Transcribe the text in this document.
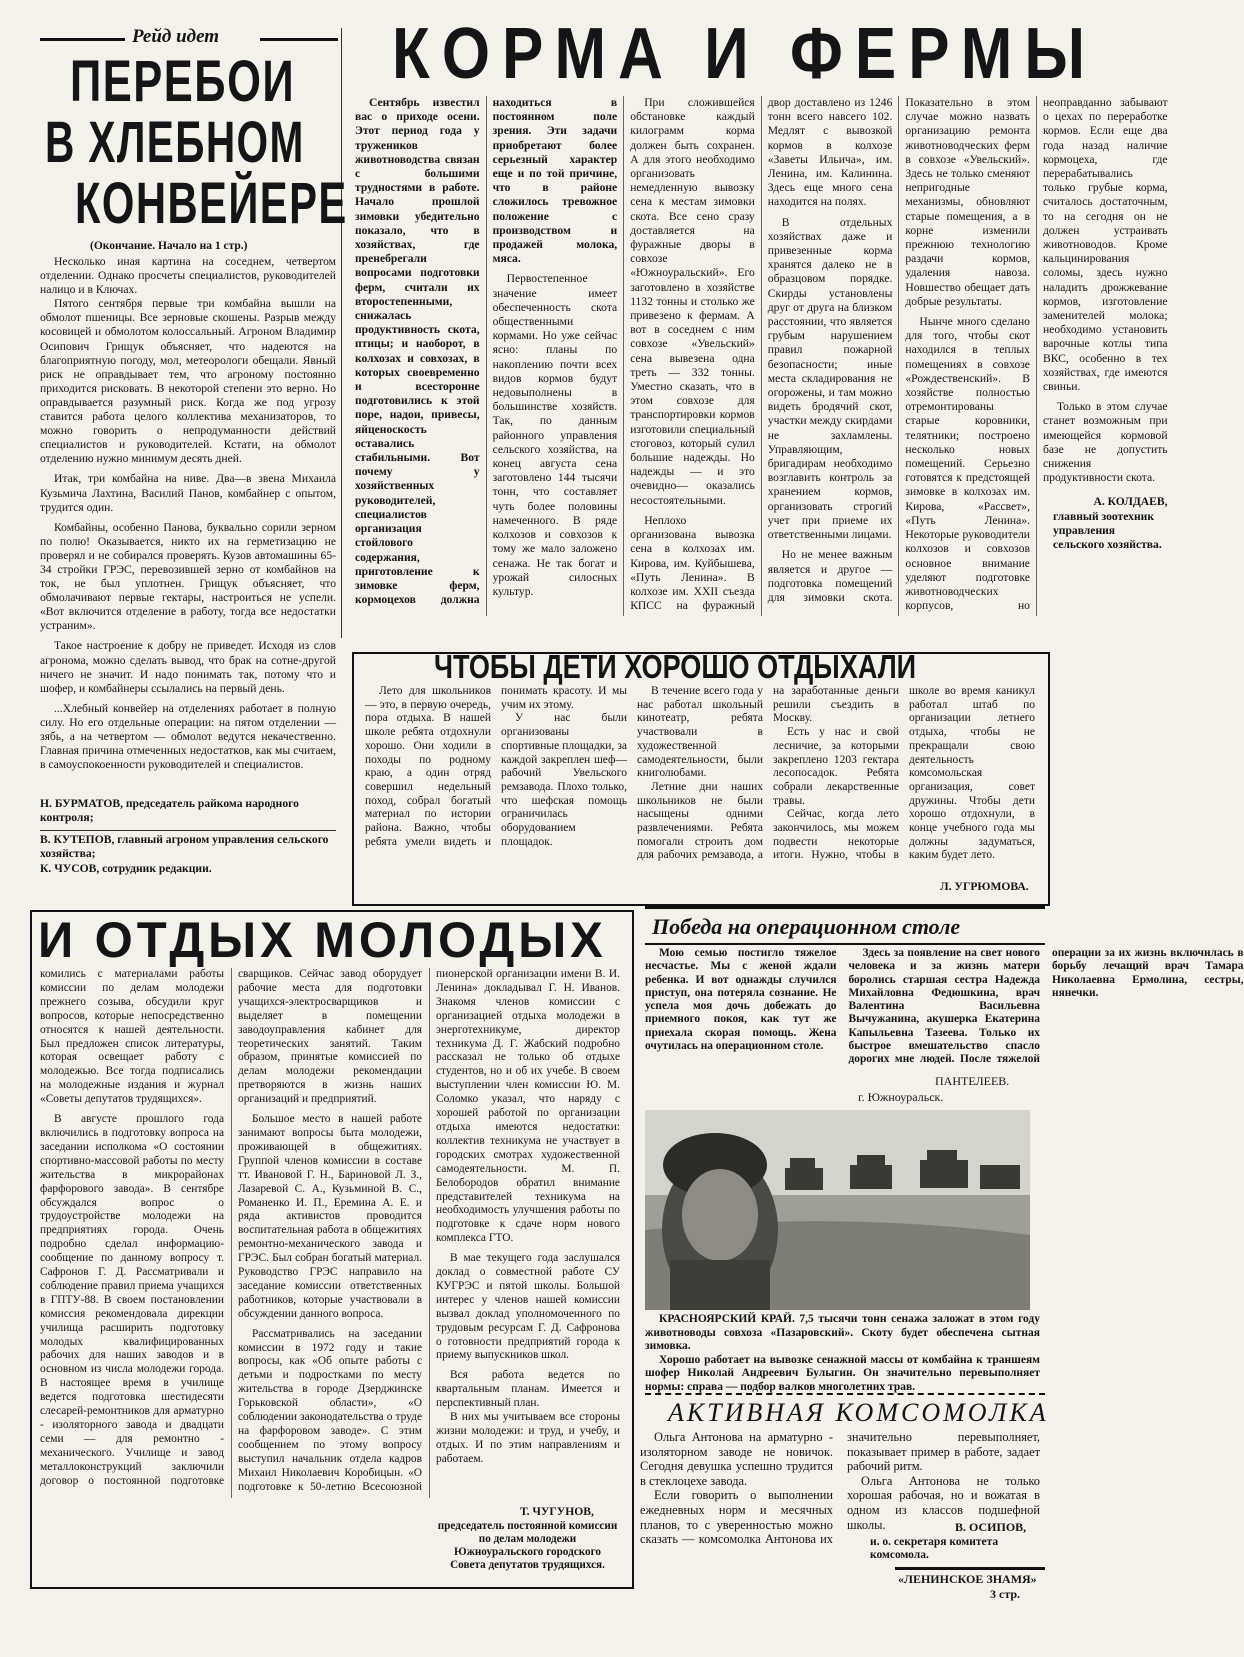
Рейд идет
ПЕРЕБОИ
В ХЛЕБНОМ
КОНВЕЙЕРЕ
(Окончание. Начало на 1 стр.)

Несколько иная картина на соседнем, четвертом отделении. Однако просчеты специалистов, руководителей налицо и в Ключах.

Пятого сентября первые три комбайна вышли на обмолот пшеницы. Все зерновые скошены. Разрыв между косовицей и обмолотом колоссальный. Агроном Владимир Осипович Грищук объясняет, что надеются на благоприятную погоду, мол, метеорологи обещали. Явный риск не оправдывает тем, что агроному постоянно приходится рисковать. В некоторой степени это верно. Но оправдывается разумный риск. Когда же под угрозу ставится работа целого коллектива механизаторов, то можно говорить о непродуманности действий специалистов и руководителей. Кстати, на обмолот отделению нужно минимум десять дней.

Итак, три комбайна на ниве. Два—в звена Михаила Кузьмича Лахтина, Василий Панов, комбайнер с опытом, трудится один.

Комбайны, особенно Панова, буквально сорили зерном по полю! Оказывается, никто их на герметизацию не проверял и не собирался проверять. Кузов автомашины 65-34 стройки ГРЭС, перевозившей зерно от комбайнов на ток, не был уплотнен. Грищук объясняет, что обмолачивают первые гектары, настроиться не успели. «Вот включится отделение в работу, тогда все недостатки устраним».

Такое настроение к добру не приведет. Исходя из слов агронома, можно сделать вывод, что брак на сотне-другой ничего не значит. И надо понимать так, потому что и шофер, и комбайнеры ссылались на первый день.

...Хлебный конвейер на отделениях работает в полную силу. Но его отдельные операции: на пятом отделении — зябь, а на четвертом — обмолот ведутся некачественно. Главная причина отмеченных недостатков, как мы считаем, в самоуспокоенности руководителей и специалистов.

Н. БУРМАТОВ, председатель райкома народного контроля;
В. КУТЕПОВ, главный агроном управления сельского хозяйства;
К. ЧУСОВ, сотрудник редакции.
КОРМА И ФЕРМЫ

Сентябрь известил вас о приходе осени. Этот период года у тружеников животноводства связан с большими трудностями в работе. Начало прошлой зимовки убедительно показало, что в хозяйствах, где пренебрегали вопросами подготовки ферм, считали их второстепенными, снижалась продуктивность скота, птицы; и наоборот, в колхозах и совхозах, в которых своевременно и всесторонне подготовились к этой поре, надои, привесы, яйценоскость оставались стабильными. Вот почему у хозяйственных руководителей, специалистов организация стойлового содержания, приготовление к зимовке ферм, кормоцехов должна находиться в постоянном поле зрения. Эти задачи приобретают более серьезный характер еще и по той причине, что в районе сложилось тревожное положение с производством и продажей молока, мяса.

Первостепенное значение имеет обеспеченность скота общественными кормами. Но уже сейчас ясно: планы по накоплению почти всех видов кормов будут недовыполнены в большинстве хозяйств. Так, по данным районного управления сельского хозяйства, на конец августа сена заготовлено 144 тысячи тонн, что составляет чуть более половины намеченного. В ряде колхозов и совхозов к тому же мало заложено сенажа. Не так богат и урожай силосных культур.

При сложившейся обстановке каждый килограмм корма должен быть сохранен. А для этого необходимо организовать немедленную вывозку сена к местам зимовки скота. Все сено сразу доставляется на фуражные дворы в совхозе «Южноуральский». Его заготовлено в хозяйстве 1132 тонны и столько же привезено к фермам. А вот в соседнем с ним совхозе «Увельский» сена вывезена одна треть — 332 тонны. Уместно сказать, что в этом совхозе для транспортировки кормов изготовили специальный стоговоз, который сулил большие надежды. Но надежды — и это очевидно— оказались несостоятельными.

Неплохо организована вывозка сена в колхозах им. Кирова, им. Куйбышева, «Путь Ленина». В колхозе им. XXII съезда КПСС на фуражный двор доставлено из 1246 тонн всего навсего 102. Медлят с вывозкой кормов в колхозе «Заветы Ильича», им. Ленина, им. Калинина. Здесь еще много сена находится на полях.

В отдельных хозяйствах даже и привезенные корма хранятся далеко не в образцовом порядке. Скирды установлены друг от друга на близком расстоянии, что является грубым нарушением правил пожарной безопасности; иные места складирования не огорожены, и там можно видеть бродячий скот, участки между скирдами не захламлены. Управляющим, бригадирам необходимо возглавить контроль за хранением кормов, организовать строгий учет при приеме их ответственными лицами.

Но не менее важным является и другое — подготовка помещений для зимовки скота. Показательно в этом случае можно назвать организацию ремонта животноводческих ферм в совхозе «Увельский». Здесь не только сменяют непригодные механизмы, обновляют старые помещения, а в корне изменили прежнюю технологию раздачи кормов, удаления навоза. Новшество обещает дать добрые результаты.

Нынче много сделано для того, чтобы скот находился в теплых помещениях в совхозе «Рождественский». В хозяйстве полностью отремонтированы старые коровники, телятники; построено несколько новых помещений. Серьезно готовятся к предстоящей зимовке в колхозах им. Кирова, «Рассвет», «Путь Ленина». Некоторые руководители колхозов и совхозов основное внимание уделяют подготовке животноводческих корпусов, но неоправданно забывают о цехах по переработке кормов. Если еще два года назад наличие кормоцеха, где перерабатывались только грубые корма, считалось достаточным, то на сегодня он не должен устраивать животноводов. Кроме кальцинирования соломы, здесь нужно наладить дрожжевание кормов, изготовление заменителей молока; необходимо установить варочные котлы типа ВКС, особенно в тех хозяйствах, где имеются свиньи.

Только в этом случае станет возможным при имеющейся кормовой базе не допустить снижения продуктивности скота.

А. КОЛДАЕВ,
главный зоотехник управления сельского хозяйства.
ЧТОБЫ ДЕТИ ХОРОШО ОТДЫХАЛИ

Лето для школьников — это, в первую очередь, пора отдыха. В нашей школе ребята отдохнули хорошо. Они ходили в походы по родному краю, а один отряд совершил недельный поход, собрал богатый материал по истории района. Важно, чтобы ребята умели видеть и понимать красоту. И мы учим их этому.

У нас были организованы спортивные площадки, за каждой закреплен шеф—рабочий Увельского ремзавода. Плохо только, что шефская помощь ограничилась оборудованием площадок.

В течение всего года у нас работал школьный кинотеатр, ребята участвовали в художественной самодеятельности, были книголюбами.

Летние дни наших школьников не были насыщены одними развлечениями. Ребята помогали строить дом для рабочих ремзавода, а на заработанные деньги решили съездить в Москву.

Есть у нас и свой лесничие, за которыми закреплено 1203 гектара лесопосадок. Ребята собрали лекарственные травы.

Сейчас, когда лето закончилось, мы можем подвести некоторые итоги. Нужно, чтобы в школе во время каникул работал штаб по организации летнего отдыха, чтобы не прекращали свою деятельность комсомольская организация, совет дружины. Чтобы дети хорошо отдохнули, в конце учебного года мы должны задуматься, каким будет лето.

Л. УГРЮМОВА.
И ОТДЫХ МОЛОДЫХ

комились с материалами работы комиссии по делам молодежи прежнего созыва, обсудили круг вопросов, которые непосредственно относятся к нашей деятельности. Был предложен список литературы, которая освещает работу с молодежью. Все тогда подписались на молодежные издания и журнал «Советы депутатов трудящихся».

В августе прошлого года включились в подготовку вопроса на заседании исполкома «О состоянии спортивно-массовой работы по месту жительства в микрорайонах фарфорового завода». В сентябре обсуждался вопрос о трудоустройстве молодежи на предприятиях города. Очень подробно сделал информацию-сообщение по данному вопросу т. Сафронов Г. Д. Рассматривали и соблюдение правил приема учащихся в ГПТУ-88. В своем постановлении комиссия рекомендовала дирекции училища расширить подготовку молодых квалифицированных рабочих для наших заводов и в основном из числа молодежи города. В настоящее время в училище ведется подготовка шестидесяти слесарей-ремонтников для арматурно - изоляторного завода и двадцати семи — для ремонтно - механического. Училище и завод металлоконструкций заключили договор о постоянной подготовке сварщиков. Сейчас завод оборудует рабочие места для подготовки учащихся-электросварщиков и выделяет в помещении заводоуправления кабинет для теоретических занятий. Таким образом, принятые комиссией по делам молодежи рекомендации претворяются в жизнь наших организаций и предприятий.

Большое место в нашей работе занимают вопросы быта молодежи, проживающей в общежитиях. Группой членов комиссии в составе тт. Ивановой Г. Н., Бариновой Л. З., Лазаревой С. А., Кузьминой В. С., Романенко И. П., Еремина А. Е. и ряда активистов проводится воспитательная работа в общежитиях ремонтно-механического завода и ГРЭС. Был собран богатый материал. Руководство ГРЭС направило на заседание комиссии ответственных работников, которые участвовали в обсуждении данного вопроса.

Рассматривались на заседании комиссии в 1972 году и такие вопросы, как «Об опыте работы с детьми и подростками по месту жительства в городе Дзерджинске Горьковской области», «О соблюдении законодательства о труде на фарфоровом заводе». С этим сообщением по этому вопросу выступил начальник отдела кадров Михаил Николаевич Коробицын. «О подготовке к 50-летию Всесоюзной пионерской организации имени В. И. Ленина» докладывал Г. Н. Иванов. Знакомя членов комиссии с организацией отдыха молодежи в энерготехникуме, директор техникума Д. Г. Жабский подробно рассказал не только об отдыхе студентов, но и об их учебе. В своем выступлении член комиссии Ю. М. Соломко указал, что наряду с хорошей работой по организации отдыха имеются недостатки: коллектив техникума не участвует в городских смотрах художественной самодеятельности. М. П. Белобородов обратил внимание представителей техникума на необходимость улучшения работы по подготовке к сдаче норм нового комплекса ГТО.

В мае текущего года заслушался доклад о совместной работе СУ КУГРЭС и пятой школы. Большой интерес у членов нашей комиссии вызвал доклад уполномоченного по трудовым ресурсам Г. Д. Сафронова о готовности предприятий города к приему выпускников школ.

Вся работа ведется по квартальным планам. Имеется и перспективный план.

В них мы учитываем все стороны жизни молодежи: и труд, и учебу, и отдых. И по этим направлениям и работаем.

Т. ЧУГУНОВ,
председатель постоянной комиссии по делам молодежи Южноуральского городского Совета депутатов трудящихся.
Победа на операционном столе

Мою семью постигло тяжелое несчастье. Мы с женой ждали ребенка. И вот однажды случился приступ, она потеряла сознание. Не успела моя дочь добежать до приемного покоя, как тут же приехала скорая помощь. Жена очутилась на операционном столе.

Здесь за появление на свет нового человека и за жизнь матери боролись старшая сестра Надежда Михайловна Федюшкина, врач Валентина Васильевна Вычужанина, акушерка Екатерина Капыльевна Тазеева. Только их быстрое вмешательство спасло дорогих мне людей. После тяжелой операции за их жизнь включилась в борьбу лечащий врач Тамара Николаевна Ермолина, сестры, нянечки.

ПАНТЕЛЕЕВ.
г. Южноуральск.

КРАСНОЯРСКИЙ КРАЙ. 7,5 тысячи тонн сенажа заложат в этом году животноводы совхоза «Пазаровский». Скоту будет обеспечена сытная зимовка.

Хорошо работает на вывозке сенажной массы от комбайна к траншеям шофер Николай Андреевич Булыгин. Он значительно перевыполняет нормы: справа — подбор валков многолетних трав.

АКТИВНАЯ КОМСОМОЛКА

Ольга Антонова на арматурно - изоляторном заводе не новичок. Сегодня девушка успешно трудится в стеклоцехе завода.

Если говорить о выполнении ежедневных норм и месячных планов, то с уверенностью можно сказать — комсомолка Антонова их значительно перевыполняет, показывает пример в работе, задает рабочий ритм.

Ольга Антонова не только хорошая рабочая, но и вожатая в одном из классов подшефной школы.	В. ОСИПОВ,
и. о. секретаря комитета комсомола.
«ЛЕНИНСКОЕ ЗНАМЯ»
3 стр.
